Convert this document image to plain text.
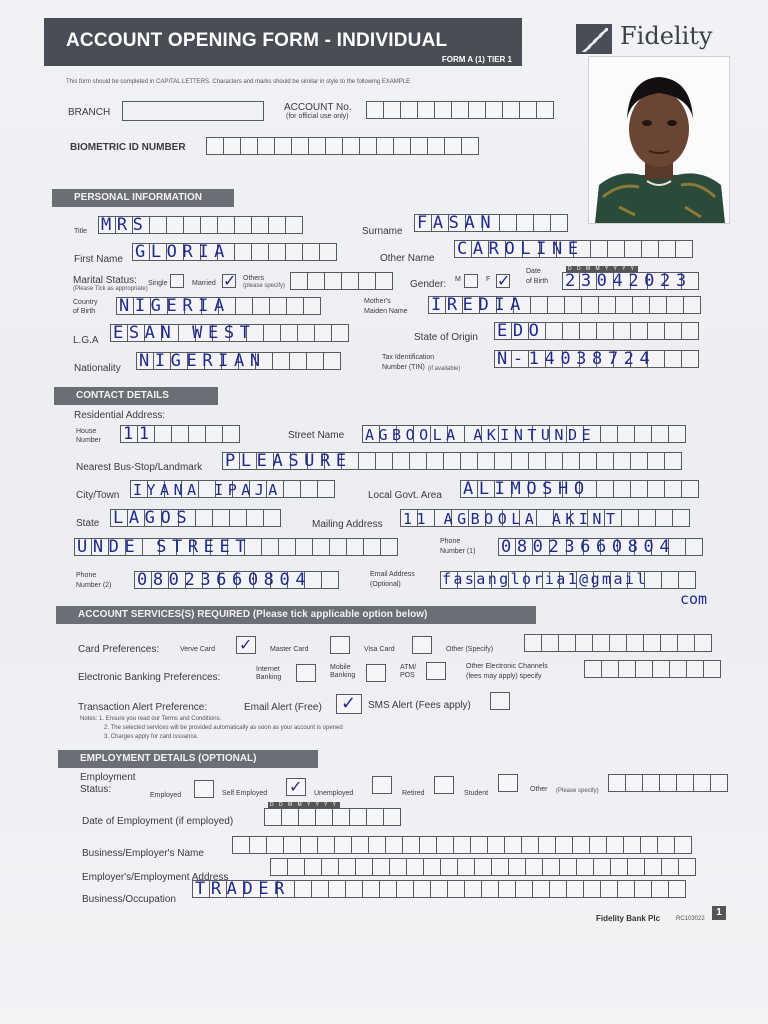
ACCOUNT OPENING FORM - INDIVIDUAL
FORM A (1) TIER 1
Fidelity
This form should be completed in CAPITAL LETTERS. Characters and marks should be similar in style to the following EXAMPLE
BRANCH	ACCOUNT No.
(for official use only)
BIOMETRIC ID NUMBER
PERSONAL INFORMATION
Title MRS	Surname FASAN
First Name GLORIA	Other Name CAROLINE
Marital Status:
(Please Tick as appropriate)
Single	Married ✓ Others
(please specify)	Gender: M	F ✓ Date
of Birth
D D M M Y Y Y Y
23042023
Country
of Birth NIGERIA	Mother's
Maiden Name IREDIA
L.G.A ESAN WEST	State of Origin EDO
Nationality NIGERIAN	Tax Identification
Number (TIN) (if available) N-14038724
CONTACT DETAILS
Residential Address:
House
Number 11	Street Name AGBOOLA AKINTUNDE
Nearest Bus-Stop/Landmark PLEASURE
City/Town IYANA IPAJA	Local Govt. Area ALIMOSHO
State LAGOS	Mailing Address 11 AGBOOLA AKINT
UNDE STREET	Phone
Number (1) 08023660804
Phone
Number (2) 08023660804	Email Address
(Optional)	fasangloria1@gmail
com
ACCOUNT SERVICES(S) REQUIRED (Please tick applicable option below)
Card Preferences:	Verve Card ✓	Master Card	Visa Card	Other (Specify)
Electronic Banking Preferences:
Internet Banking
Mobile Banking
ATM/ POS
Other Electronic Channels
(fees may apply) specify
Transaction Alert Preference:	Email Alert (Free) ✓ SMS Alert (Fees apply)
Notes: 1. Ensure you read our Terms and Conditions.
2. The selected services will be provided automatically as soon as your account is opened
3. Charges apply for card issuance.
EMPLOYMENT DETAILS (OPTIONAL)
Employment
Status:
Employed	Self Employed ✓ Unemployed	Retired	Student
Other (Please specify)
Date of Employment (if employed)
D D M M Y Y Y Y
Business/Employer's Name
Employer's/Employment Address
Business/Occupation
TRADER
Fidelity Bank Plc	RC103022
1
